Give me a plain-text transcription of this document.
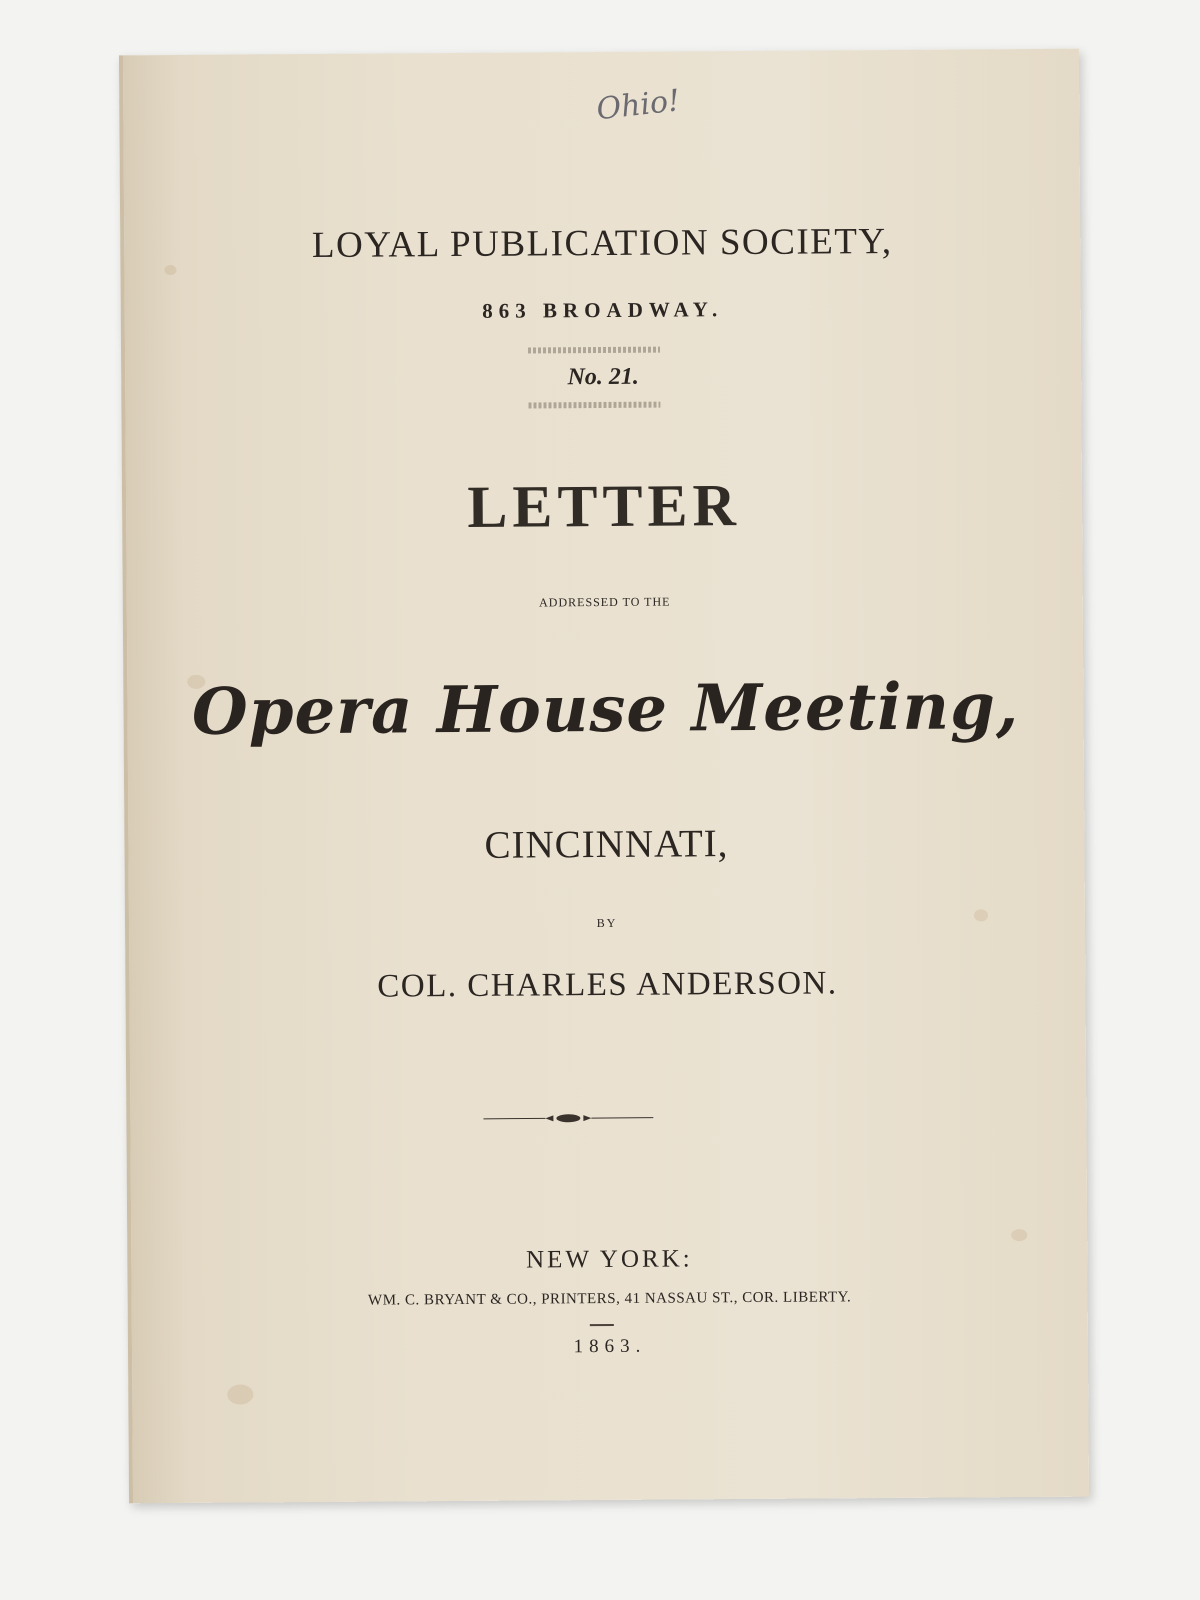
Ohio!

LOYAL PUBLICATION SOCIETY,

863 BROADWAY.

No. 21.

LETTER

ADDRESSED TO THE

Opera House Meeting,

CINCINNATI,

BY

COL. CHARLES ANDERSON.

NEW YORK:

WM. C. BRYANT & CO., PRINTERS, 41 NASSAU ST., COR. LIBERTY.

1863.
